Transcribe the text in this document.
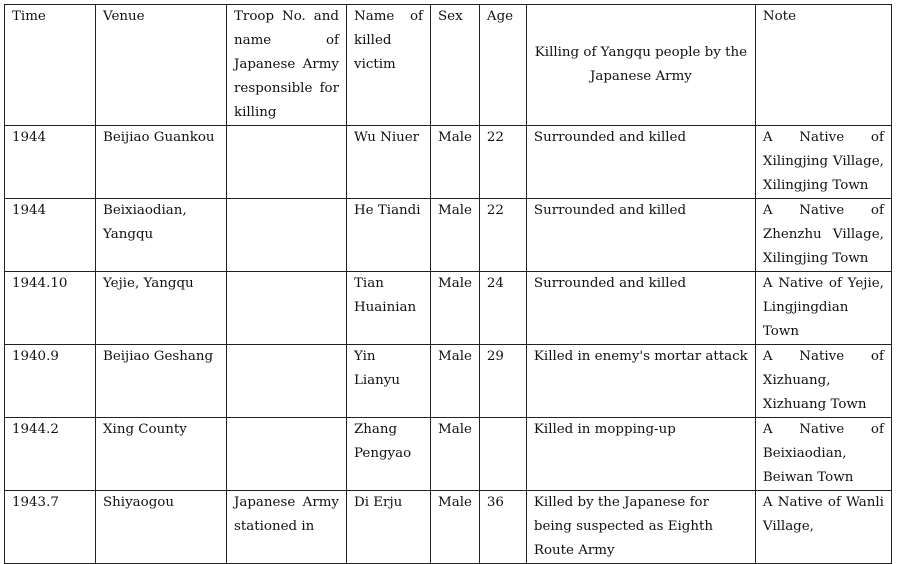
Time	Venue	Troop No. and name of Japanese Army responsible for killing	Name of killed victim	Sex	Age	Killing of Yangqu people by the Japanese Army	Note
1944	Beijiao Guankou		Wu Niuer	Male	22	Surrounded and killed	A Native of Xilingjing Village, Xilingjing Town
1944	Beixiaodian, Yangqu		He Tiandi	Male	22	Surrounded and killed	A Native of Zhenzhu Village, Xilingjing Town
1944.10	Yejie, Yangqu		Tian Huainian	Male	24	Surrounded and killed	A Native of Yejie, Lingjingdian Town
1940.9	Beijiao Geshang		Yin Lianyu	Male	29	Killed in enemy's mortar attack	A Native of Xizhuang, Xizhuang Town
1944.2	Xing County		Zhang Pengyao	Male		Killed in mopping-up	A Native of Beixiaodian, Beiwan Town
1943.7	Shiyaogou	Japanese Army stationed in	Di Erju	Male	36	Killed by the Japanese for being suspected as Eighth Route Army	A Native of Wanli Village,
